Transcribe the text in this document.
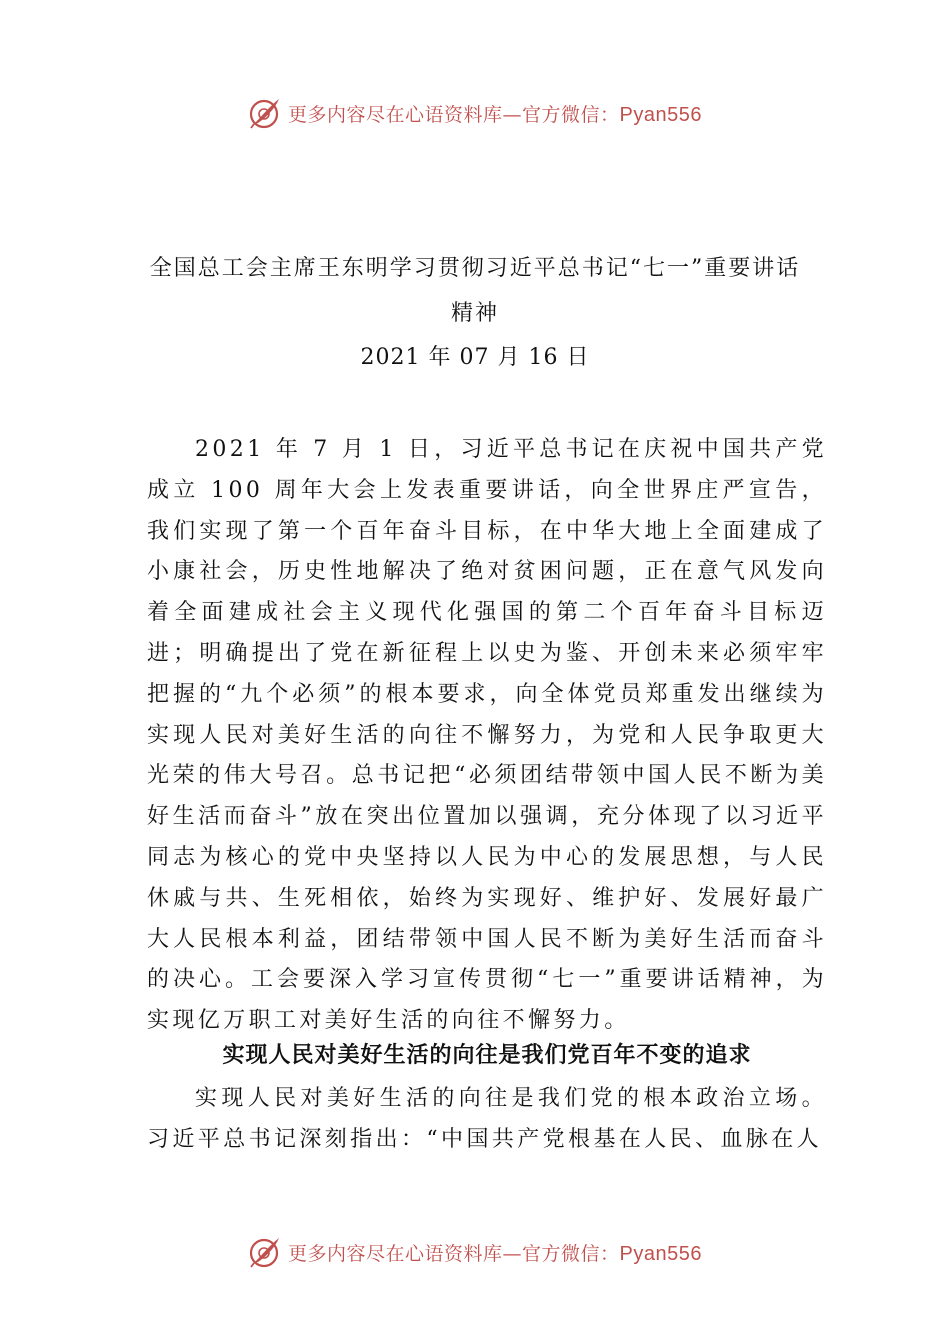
更多内容尽在心语资料库—官方微信：Pyan556
全国总工会主席王东明学习贯彻习近平总书记“七一”重要讲话精神
2021 年 07 月 16 日

2021 年 7 月 1 日，习近平总书记在庆祝中国共产党成立 100 周年大会上发表重要讲话，向全世界庄严宣告，我们实现了第一个百年奋斗目标，在中华大地上全面建成了小康社会，历史性地解决了绝对贫困问题，正在意气风发向着全面建成社会主义现代化强国的第二个百年奋斗目标迈进；明确提出了党在新征程上以史为鉴、开创未来必须牢牢把握的“九个必须”的根本要求，向全体党员郑重发出继续为实现人民对美好生活的向往不懈努力，为党和人民争取更大光荣的伟大号召。总书记把“必须团结带领中国人民不断为美好生活而奋斗”放在突出位置加以强调，充分体现了以习近平同志为核心的党中央坚持以人民为中心的发展思想，与人民休戚与共、生死相依，始终为实现好、维护好、发展好最广大人民根本利益，团结带领中国人民不断为美好生活而奋斗的决心。工会要深入学习宣传贯彻“七一”重要讲话精神，为实现亿万职工对美好生活的向往不懈努力。

实现人民对美好生活的向往是我们党百年不变的追求

实现人民对美好生活的向往是我们党的根本政治立场。习近平总书记深刻指出：“中国共产党根基在人民、血脉在人

更多内容尽在心语资料库—官方微信：Pyan556
